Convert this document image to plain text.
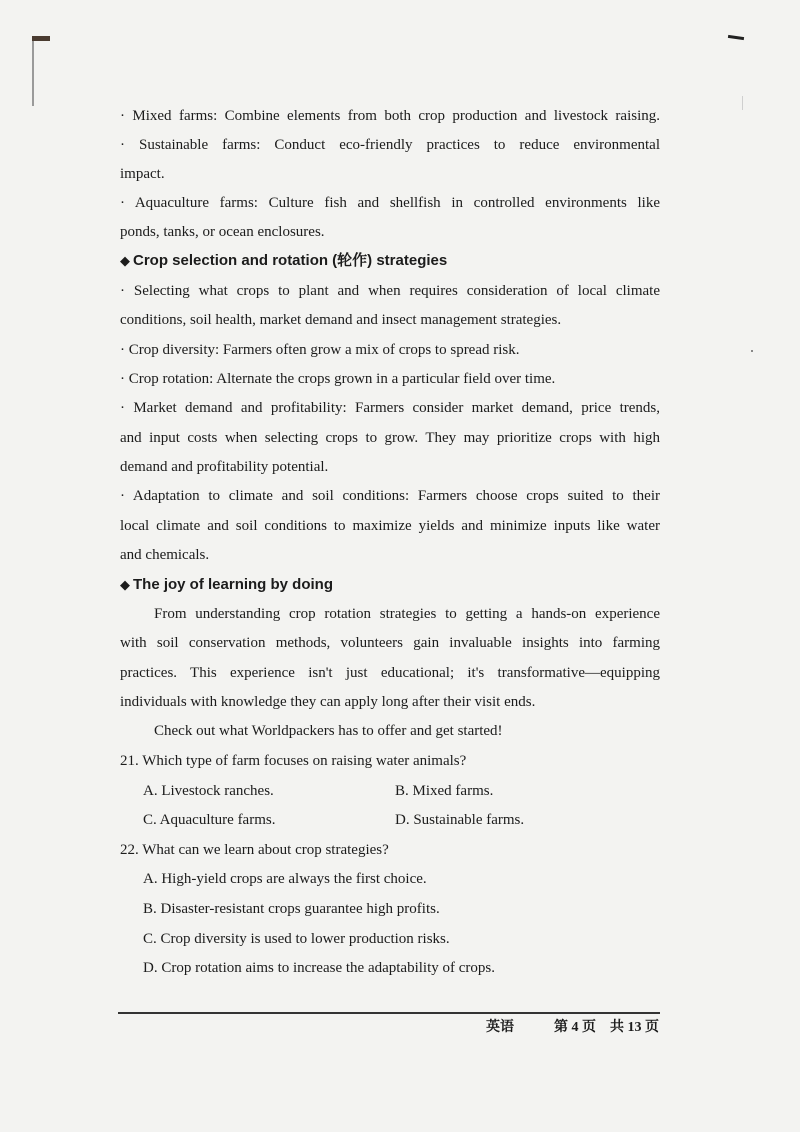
· Mixed farms: Combine elements from both crop production and livestock raising.
· Sustainable farms: Conduct eco-friendly practices to reduce environmental
impact.
· Aquaculture farms: Culture fish and shellfish in controlled environments like
ponds, tanks, or ocean enclosures.
◆ Crop selection and rotation (轮作) strategies
· Selecting what crops to plant and when requires consideration of local climate
conditions, soil health, market demand and insect management strategies.
· Crop diversity: Farmers often grow a mix of crops to spread risk.
· Crop rotation: Alternate the crops grown in a particular field over time.
· Market demand and profitability: Farmers consider market demand, price trends,
and input costs when selecting crops to grow. They may prioritize crops with high
demand and profitability potential.
· Adaptation to climate and soil conditions: Farmers choose crops suited to their
local climate and soil conditions to maximize yields and minimize inputs like water
and chemicals.
◆ The joy of learning by doing
From understanding crop rotation strategies to getting a hands-on experience
with soil conservation methods, volunteers gain invaluable insights into farming
practices. This experience isn't just educational; it's transformative—equipping
individuals with knowledge they can apply long after their visit ends.
Check out what Worldpackers has to offer and get started!
21. Which type of farm focuses on raising water animals?
A. Livestock ranches.	B. Mixed farms.
C. Aquaculture farms.	D. Sustainable farms.
22. What can we learn about crop strategies?
A. High-yield crops are always the first choice.
B. Disaster-resistant crops guarantee high profits.
C. Crop diversity is used to lower production risks.
D. Crop rotation aims to increase the adaptability of crops.
英语	第 4 页 共 13 页
